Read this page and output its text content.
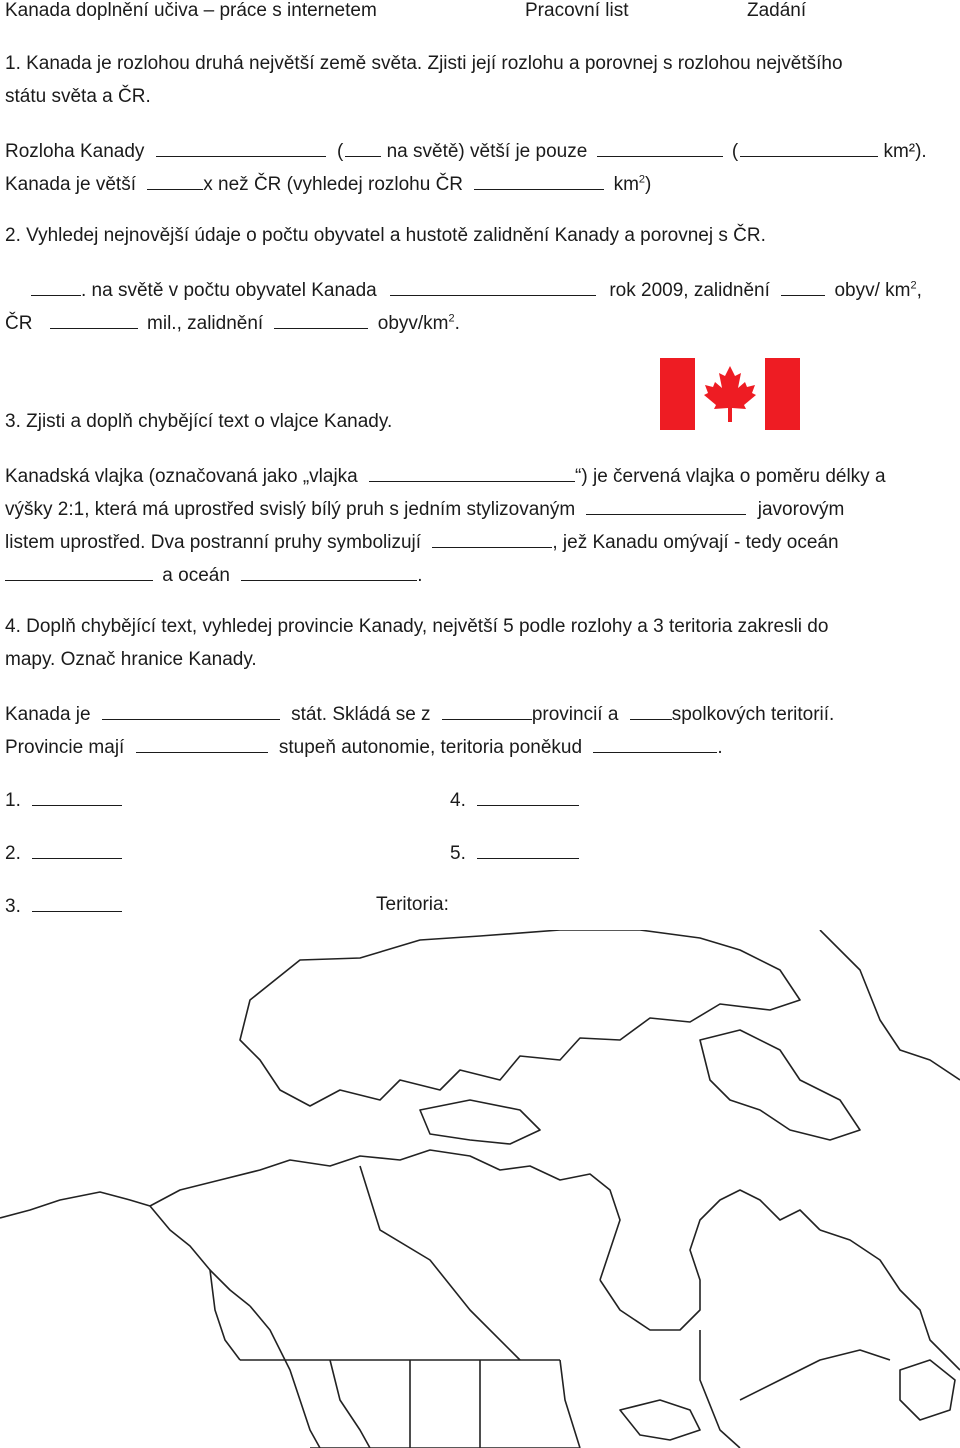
Kanada doplnění učiva – práce s internetem	Pracovní list	Zadání
1. Kanada je rozlohou druhá největší země světa. Zjisti její rozlohu a porovnej s rozlohou největšího
státu světa a ČR.
Rozloha Kanady	( na světě) větší je pouze	(	km²).
Kanada je větší	x než ČR (vyhledej rozlohu ČR	$km^2$)
2. Vyhledej nejnovější údaje o počtu obyvatel a hustotě zalidnění Kanady a porovnej s ČR.
. na světě v počtu obyvatel Kanada	rok 2009, zalidnění	obyv/ $km^2$,
ČR	mil., zalidnění	obyv/$km^2$.
3. Zjisti a doplň chybějící text o vlajce Kanady.
Kanadská vlajka (označovaná jako „vlajka	“) je červená vlajka o poměru délky a
výšky 2:1, která má uprostřed svislý bílý pruh s jedním stylizovaným	javorovým
listem uprostřed. Dva postranní pruhy symbolizují	, jež Kanadu omývají - tedy oceán
a oceán	.
4. Doplň chybějící text, vyhledej provincie Kanady, největší 5 podle rozlohy a 3 teritoria zakresli do
mapy. Označ hranice Kanady.
Kanada je	stát. Skládá se z	provincií a	spolkových teritorií.
Provincie mají	stupeň autonomie, teritoria poněkud	.
1.
2.
3.
4.
5.
Teritoria:
